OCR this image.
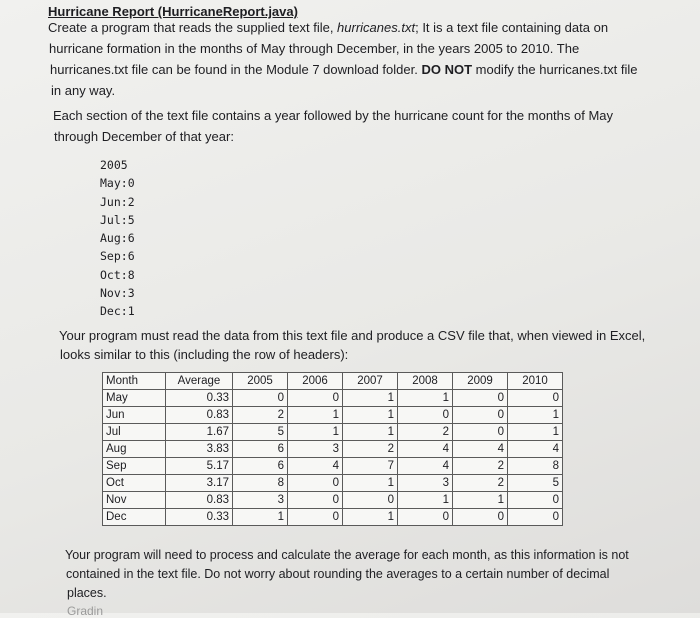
Hurricane Report (HurricaneReport.java)
Create a program that reads the supplied text file, hurricanes.txt; It is a text file containing data on
hurricane formation in the months of May through December, in the years 2005 to 2010. The
hurricanes.txt file can be found in the Module 7 download folder. DO NOT modify the hurricanes.txt file
in any way.
Each section of the text file contains a year followed by the hurricane count for the months of May
through December of that year:
2005
May:0
Jun:2
Jul:5
Aug:6
Sep:6
Oct:8
Nov:3
Dec:1
Your program must read the data from this text file and produce a CSV file that, when viewed in Excel,
looks similar to this (including the row of headers):
Month	Average	2005	2006	2007	2008	2009	2010
May	0.33	0	0	1	1	0	0
Jun	0.83	2	1	1	0	0	1
Jul	1.67	5	1	1	2	0	1
Aug	3.83	6	3	2	4	4	4
Sep	5.17	6	4	7	4	2	8
Oct	3.17	8	0	1	3	2	5
Nov	0.83	3	0	0	1	1	0
Dec	0.33	1	0	1	0	0	0
Your program will need to process and calculate the average for each month, as this information is not
contained in the text file. Do not worry about rounding the averages to a certain number of decimal
places.
Gradin
